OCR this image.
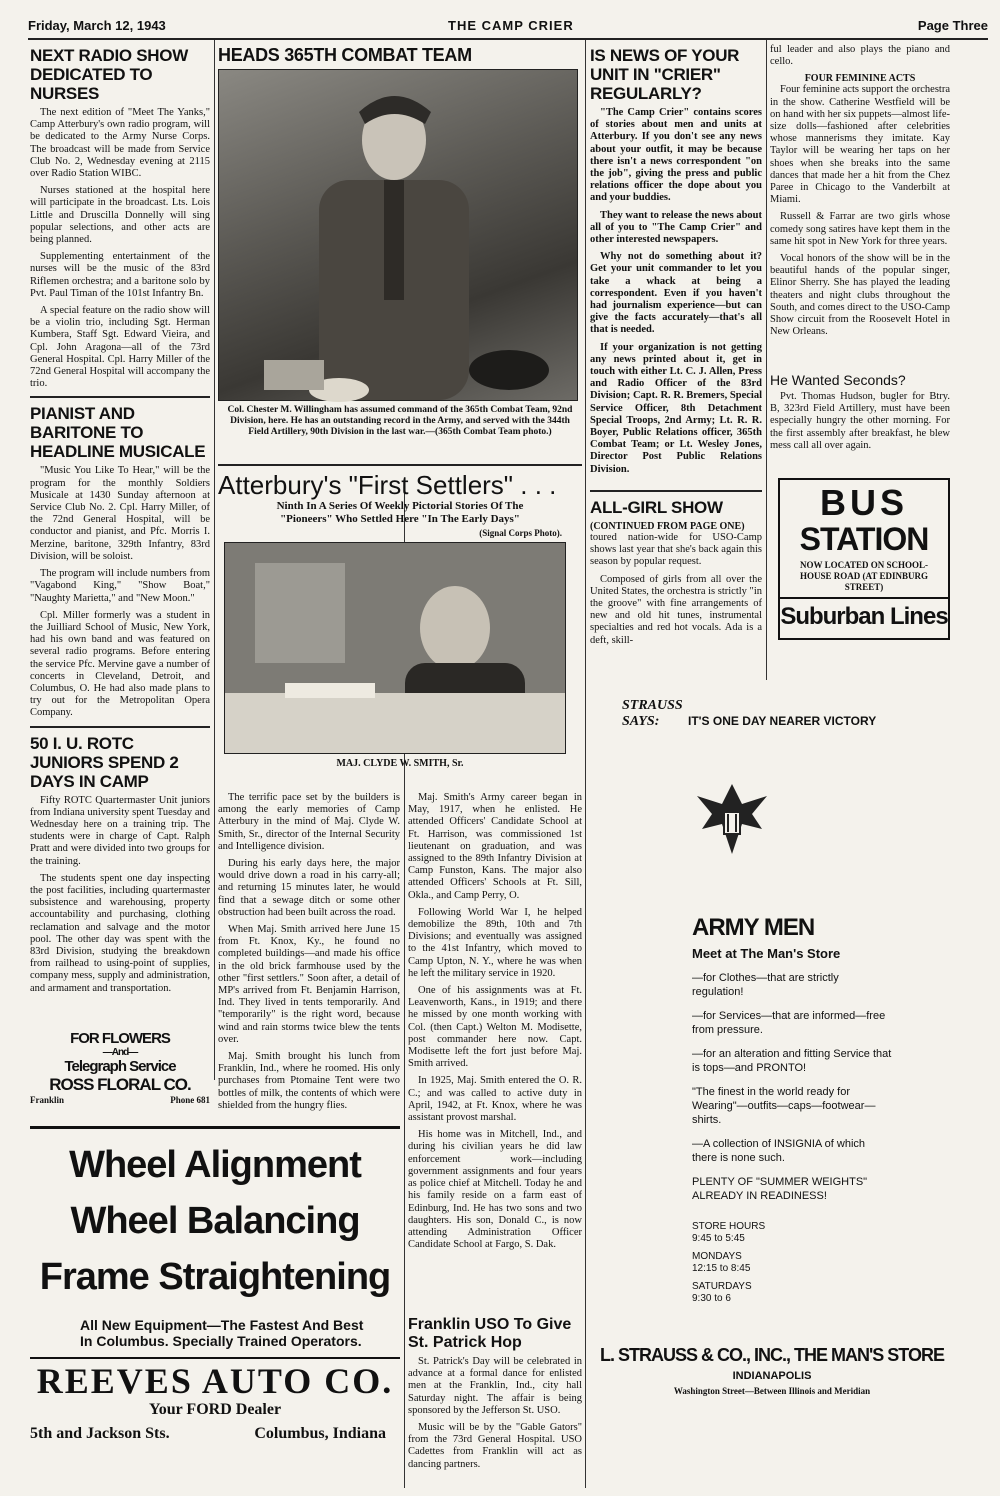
Friday, March 12, 1943	THE CAMP CRIER	Page Three
NEXT RADIO SHOW DEDICATED TO NURSES

The next edition of "Meet The Yanks," Camp Atterbury's own radio program, will be dedicated to the Army Nurse Corps. The broadcast will be made from Service Club No. 2, Wednesday evening at 2115 over Radio Station WIBC.

Nurses stationed at the hospital here will participate in the broadcast. Lts. Lois Little and Druscilla Donnelly will sing popular selections, and other acts are being planned.

Supplementing entertainment of the nurses will be the music of the 83rd Riflemen orchestra; and a baritone solo by Pvt. Paul Timan of the 101st Infantry Bn.

A special feature on the radio show will be a violin trio, including Sgt. Herman Kumbera, Staff Sgt. Edward Vieira, and Cpl. John Aragona—all of the 73rd General Hospital. Cpl. Harry Miller of the 72nd General Hospital will accompany the trio.

PIANIST AND BARITONE TO HEADLINE MUSICALE

"Music You Like To Hear," will be the program for the monthly Soldiers Musicale at 1430 Sunday afternoon at Service Club No. 2. Cpl. Harry Miller, of the 72nd General Hospital, will be conductor and pianist, and Pfc. Morris I. Merzine, baritone, 329th Infantry, 83rd Division, will be soloist.

The program will include numbers from "Vagabond King," "Show Boat," "Naughty Marietta," and "New Moon."

Cpl. Miller formerly was a student in the Juilliard School of Music, New York, had his own band and was featured on several radio programs. Before entering the service Pfc. Mervine gave a number of concerts in Cleveland, Detroit, and Columbus, O. He had also made plans to try out for the Metropolitan Opera Company.

50 I. U. ROTC JUNIORS SPEND 2 DAYS IN CAMP

Fifty ROTC Quartermaster Unit juniors from Indiana university spent Tuesday and Wednesday here on a training trip. The students were in charge of Capt. Ralph Pratt and were divided into two groups for the training.

The students spent one day inspecting the post facilities, including quartermaster subsistence and warehousing, property accountability and purchasing, clothing reclamation and salvage and the motor pool. The other day was spent with the 83rd Division, studying the breakdown from railhead to using-point of supplies, company mess, supply and administration, and armament and transportation.

FOR FLOWERS
—And—
Telegraph Service
ROSS FLORAL CO.
Franklin	Phone 681
HEADS 365TH COMBAT TEAM
Col. Chester M. Willingham has assumed command of the 365th Combat Team, 92nd Division, here. He has an outstanding record in the Army, and served with the 344th Field Artillery, 90th Division in the last war.—(365th Combat Team photo.)
Atterbury's "First Settlers" . . .
Ninth In A Series Of Weekly Pictorial Stories Of The
"Pioneers" Who Settled Here "In The Early Days"
(Signal Corps Photo).
MAJ. CLYDE W. SMITH, Sr.

The terrific pace set by the builders is among the early memories of Camp Atterbury in the mind of Maj. Clyde W. Smith, Sr., director of the Internal Security and Intelligence division.

During his early days here, the major would drive down a road in his carry-all; and returning 15 minutes later, he would find that a sewage ditch or some other obstruction had been built across the road.

When Maj. Smith arrived here June 15 from Ft. Knox, Ky., he found no completed buildings—and made his office in the old brick farmhouse used by the other "first settlers." Soon after, a detail of MP's arrived from Ft. Benjamin Harrison, Ind. They lived in tents temporarily. And "temporarily" is the right word, because wind and rain storms twice blew the tents over.

Maj. Smith brought his lunch from Franklin, Ind., where he roomed. His only purchases from Ptomaine Tent were two bottles of milk, the contents of which were shielded from the hungry flies.

Maj. Smith's Army career began in May, 1917, when he enlisted. He attended Officers' Candidate School at Ft. Harrison, was commissioned 1st lieutenant on graduation, and was assigned to the 89th Infantry Division at Camp Funston, Kans. The major also attended Officers' Schools at Ft. Sill, Okla., and Camp Perry, O.

Following World War I, he helped demobilize the 89th, 10th and 7th Divisions; and eventually was assigned to the 41st Infantry, which moved to Camp Upton, N. Y., where he was when he left the military service in 1920.

One of his assignments was at Ft. Leavenworth, Kans., in 1919; and there he missed by one month working with Col. (then Capt.) Welton M. Modisette, post commander here now. Capt. Modisette left the fort just before Maj. Smith arrived.

In 1925, Maj. Smith entered the O. R. C.; and was called to active duty in April, 1942, at Ft. Knox, where he was assistant provost marshal.

His home was in Mitchell, Ind., and during his civilian years he did law enforcement work—including government assignments and four years as police chief at Mitchell. Today he and his family reside on a farm east of Edinburg, Ind. He has two sons and two daughters. His son, Donald C., is now attending Administration Officer Candidate School at Fargo, S. Dak.

Franklin USO To Give St. Patrick Hop

St. Patrick's Day will be celebrated in advance at a formal dance for enlisted men at the Franklin, Ind., city hall Saturday night. The affair is being sponsored by the Jefferson St. USO.

Music will be by the "Gable Gators" from the 73rd General Hospital. USO Cadettes from Franklin will act as dancing partners.

Wheel Alignment
Wheel Balancing
Frame Straightening
All New Equipment—The Fastest And Best In Columbus. Specially Trained Operators.
REEVES AUTO CO.
Your FORD Dealer
5th and Jackson Sts.	Columbus, Indiana
IS NEWS OF YOUR UNIT IN "CRIER" REGULARLY?

"The Camp Crier" contains scores of stories about men and units at Atterbury. If you don't see any news about your outfit, it may be because there isn't a news correspondent "on the job", giving the press and public relations officer the dope about you and your buddies.

They want to release the news about all of you to "The Camp Crier" and other interested newspapers.

Why not do something about it? Get your unit commander to let you take a whack at being a correspondent. Even if you haven't had journalism experience—but can give the facts accurately—that's all that is needed.

If your organization is not getting any news printed about it, get in touch with either Lt. C. J. Allen, Press and Radio Officer of the 83rd Division; Capt. R. R. Bremers, Special Service Officer, 8th Detachment Special Troops, 2nd Army; Lt. R. R. Boyer, Public Relations officer, 365th Combat Team; or Lt. Wesley Jones, Director Post Public Relations Division.

ALL-GIRL SHOW
(CONTINUED FROM PAGE ONE)

toured nation-wide for USO-Camp shows last year that she's back again this season by popular request.

Composed of girls from all over the United States, the orchestra is strictly "in the groove" with fine arrangements of new and old hit tunes, instrumental specialties and red hot vocals. Ada is a deft, skill-

ful leader and also plays the piano and cello.

FOUR FEMININE ACTS

Four feminine acts support the orchestra in the show. Catherine Westfield will be on hand with her six puppets—almost life-size dolls—fashioned after celebrities whose mannerisms they imitate. Kay Taylor will be wearing her taps on her shoes when she breaks into the same dances that made her a hit from the Chez Paree in Chicago to the Vanderbilt at Miami.

Russell & Farrar are two girls whose comedy song satires have kept them in the same hit spot in New York for three years.

Vocal honors of the show will be in the beautiful hands of the popular singer, Elinor Sherry. She has played the leading theaters and night clubs throughout the South, and comes direct to the USO-Camp Show circuit from the Roosevelt Hotel in New Orleans.

He Wanted Seconds?

Pvt. Thomas Hudson, bugler for Btry. B, 323rd Field Artillery, must have been especially hungry the other morning. For the first assembly after breakfast, he blew mess call all over again.

BUS
STATION
NOW LOCATED ON SCHOOL-HOUSE ROAD (AT EDINBURG STREET)
Suburban Lines
STRAUSS
SAYS:	IT'S ONE DAY NEARER VICTORY
ARMY MEN
Meet at The Man's Store
—for Clothes—that are strictly regulation!
—for Services—that are informed—free from pressure.
—for an alteration and fitting Service that is tops—and PRONTO!
"The finest in the world ready for Wearing"—outfits—caps—footwear—shirts.
—A collection of INSIGNIA of which there is none such.
PLENTY OF "SUMMER WEIGHTS" ALREADY IN READINESS!
STORE HOURS
9:45 to 5:45
MONDAYS
12:15 to 8:45
SATURDAYS
9:30 to 6
L. STRAUSS & CO., INC., THE MAN'S STORE
INDIANAPOLIS
Washington Street—Between Illinois and Meridian
